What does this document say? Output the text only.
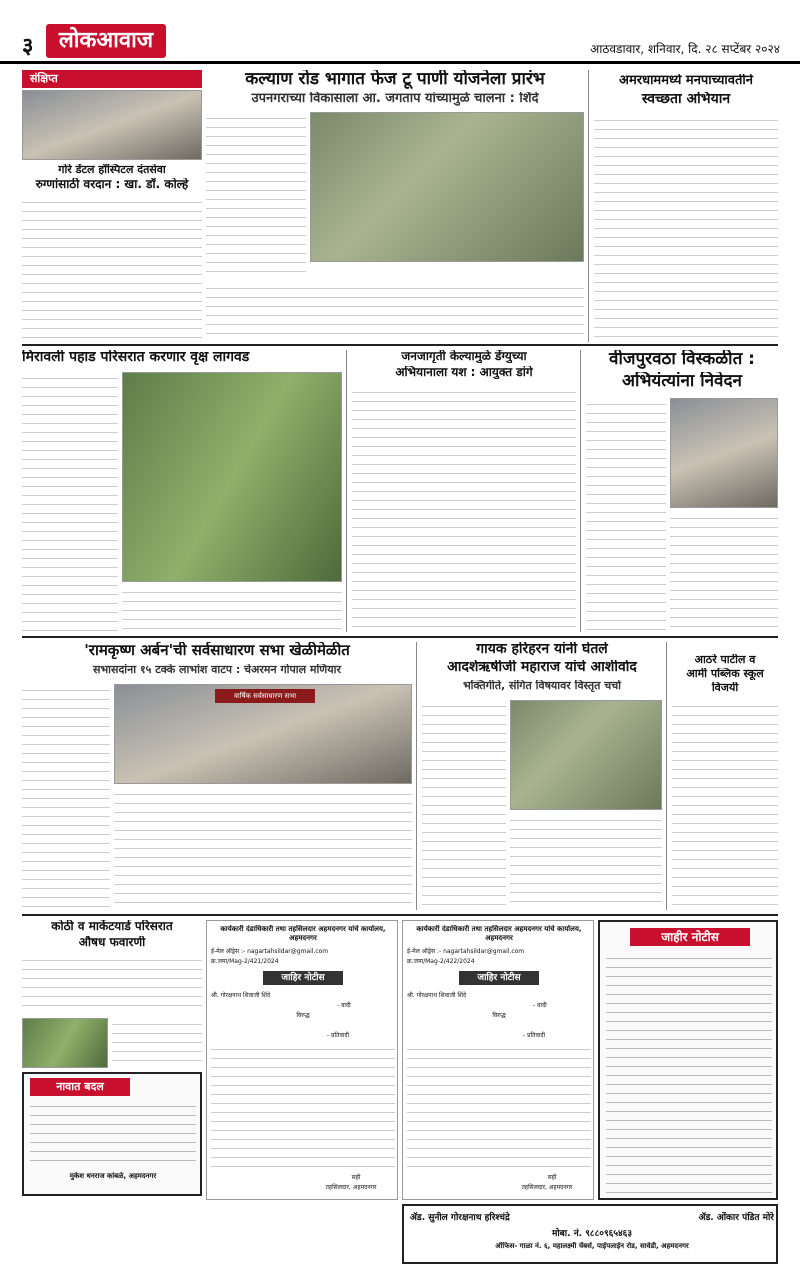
३	लोकआवाज	आठवडावार, शनिवार, दि. २८ सप्टेंबर २०२४
संक्षिप्त
गोरे डेंटल हॉस्पिटल दंतसेवा
रुग्णांसाठी वरदान : खा. डॉ. कोल्हे
कल्याण रोड भागात फेज टू पाणी योजनेला प्रारंभ
उपनगराच्या विकासाला आ. जगताप यांच्यामुळे चालना : शिंदे
अमरधाममध्ये मनपाच्यावतीने
स्वच्छता अभियान
मिरावली पहाड परिसरात करणार वृक्ष लागवड	जनजागृती केल्यामुळे डेंग्युच्या
अभियानाला यश : आयुक्त डांगे
वीजपुरवठा विस्कळीत :
अभियंत्यांना निवेदन
'रामकृष्ण अर्बन'ची सर्वसाधारण सभा खेळीमेळीत
सभासदांना १५ टक्के लाभांश वाटप : चेअरमन गोपाल मणियार
वार्षिक सर्वसाधारण सभा
गायक हरिहरन यांनी घेतले
आदर्शऋषीजी महाराज यांचे आशीर्वाद
भक्तिगीते, संगित विषयावर विस्तृत चर्चा
आठरे पाटील व
आर्मी पब्लिक स्कूल
विजयी
कोठी व मार्केटयार्ड परिसरात
औषध फवारणी
नावात बदल
मुकेश धनराज कांबळे, अहमदनगर
कार्यकारी दंडाधिकारी तथा तहसिलदार अहमदनगर यांचे कार्यालय, अहमदनगर
ई-मेल ऑड्रेस :- nagartahsildar@gmail.com
क्र.जमा/Mag-2/421/2024
जाहिर नोटीस
श्री. गोरक्षनाथ शिवाजी शिंदे
- वादी
विरुद्ध
- प्रतिवादी
सही
तहसिलदार, अहमदनगर
कार्यकारी दंडाधिकारी तथा तहसिलदार अहमदनगर यांचे कार्यालय, अहमदनगर
ई-मेल ऑड्रेस :- nagartahsildar@gmail.com
क्र.जमा/Mag-2/422/2024
जाहिर नोटीस
श्री. गोरक्षनाथ शिवाजी शिंदे
- वादी
विरुद्ध
- प्रतिवादी
सही
तहसिलदार, अहमदनगर
जाहीर नोटीस
ॲड. सुनील गोरक्षनाथ हरिश्चंद्रे	ॲड. ओंकार पंडित मोरे
मोबा. नं. ९८८०९६५४६३
ऑफिस- गाळा नं. ६, महालक्ष्मी चेंबर्स, पाईपलाईन रोड, सावेडी, अहमदनगर
